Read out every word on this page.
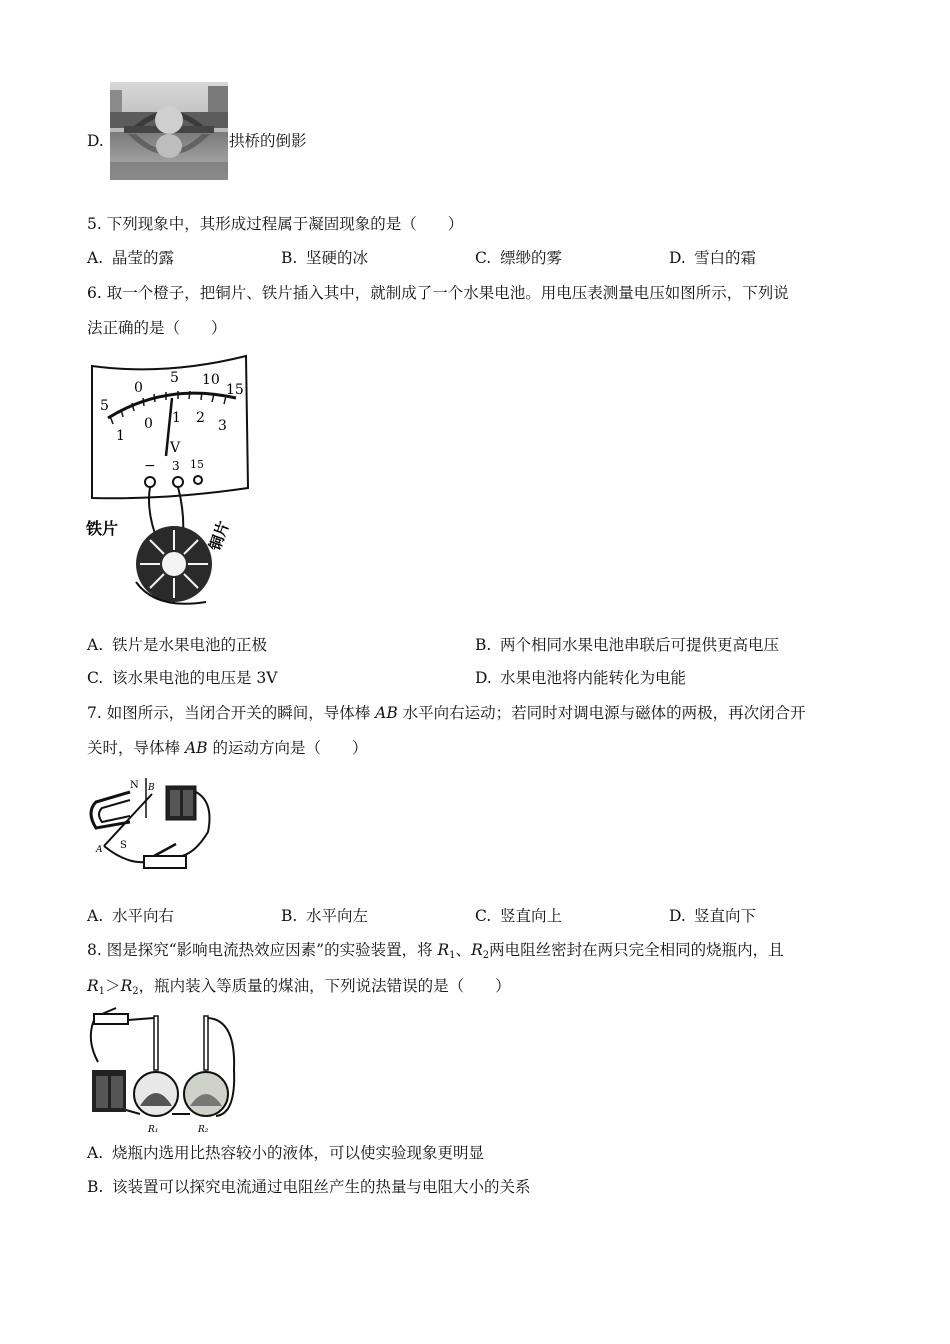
D.	拱桥的倒影
5. 下列现象中，其形成过程属于凝固现象的是（　　）
A. 晶莹的露	B. 坚硬的冰	C. 缥缈的雾	D. 雪白的霜
6. 取一个橙子，把铜片、铁片插入其中，就制成了一个水果电池。用电压表测量电压如图所示，下列说
法正确的是（　　）
5
0
5 10
15
1
0 1 2 3
V
− 3 15
铁片	铜片
A. 铁片是水果电池的正极	B. 两个相同水果电池串联后可提供更高电压
C. 该水果电池的电压是 3V	D. 水果电池将内能转化为电能
7. 如图所示，当闭合开关的瞬间，导体棒 AB 水平向右运动；若同时对调电源与磁体的两极，再次闭合开
关时，导体棒 AB 的运动方向是（　　）
N
S
B
A
A. 水平向右	B. 水平向左	C. 竖直向上	D. 竖直向下
8. 图是探究“影响电流热效应因素”的实验装置，将 $R_1$、$R_2$两电阻丝密封在两只完全相同的烧瓶内，且
$R_1>R_2$，瓶内装入等质量的煤油，下列说法错误的是（　　）
R₁	R₂
A. 烧瓶内选用比热容较小的液体，可以使实验现象更明显
B. 该装置可以探究电流通过电阻丝产生的热量与电阻大小的关系
